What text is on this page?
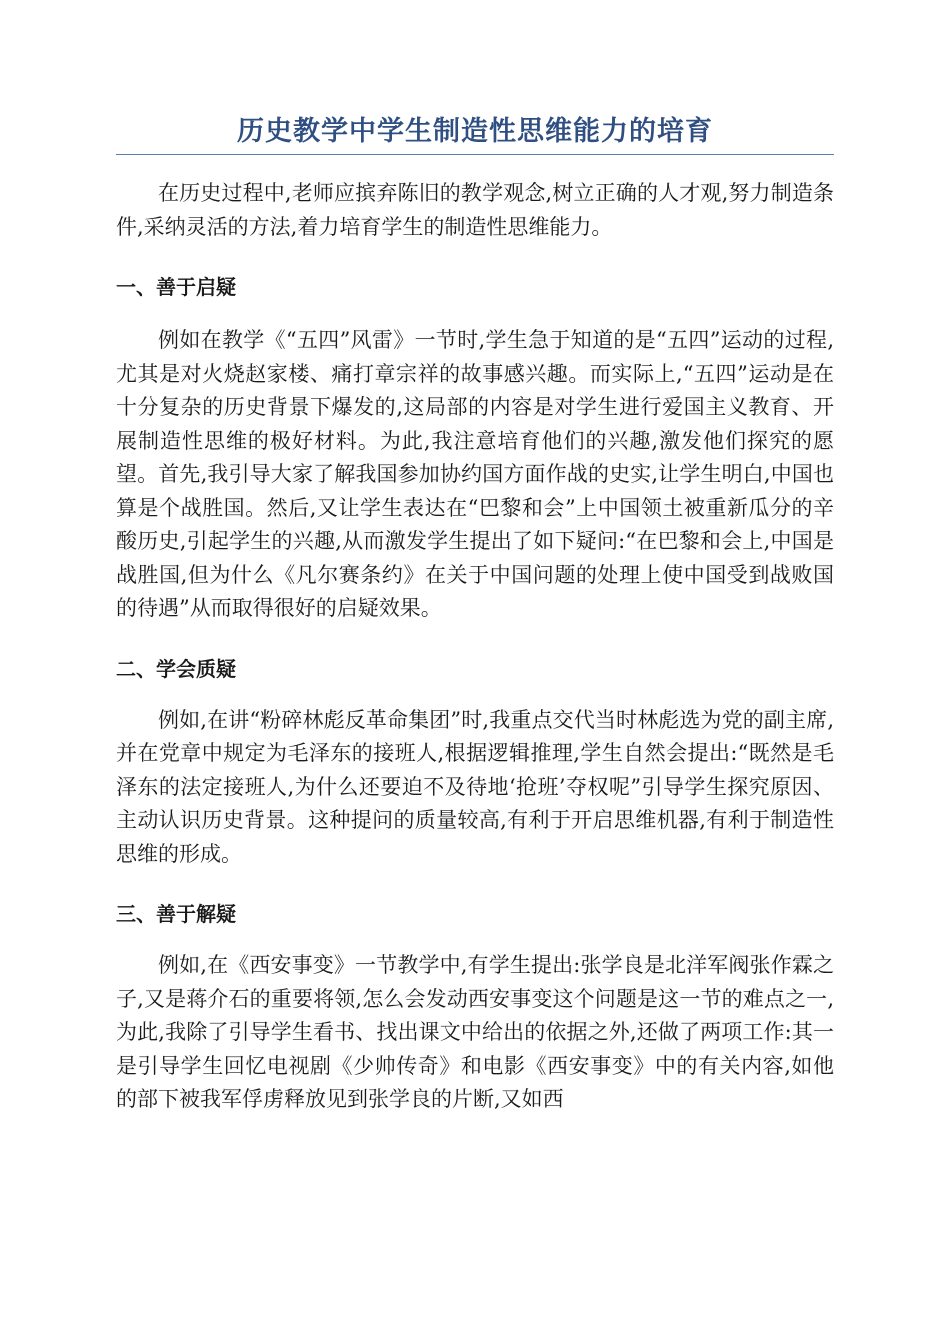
历史教学中学生制造性思维能力的培育

在历史过程中,老师应摈弃陈旧的教学观念,树立正确的人才观,努力制造条件,采纳灵活的方法,着力培育学生的制造性思维能力。

一、善于启疑

例如在教学《“五四”风雷》一节时,学生急于知道的是“五四”运动的过程,尤其是对火烧赵家楼、痛打章宗祥的故事感兴趣。而实际上,“五四”运动是在十分复杂的历史背景下爆发的,这局部的内容是对学生进行爱国主义教育、开展制造性思维的极好材料。为此,我注意培育他们的兴趣,激发他们探究的愿望。首先,我引导大家了解我国参加协约国方面作战的史实,让学生明白,中国也算是个战胜国。然后,又让学生表达在“巴黎和会”上中国领土被重新瓜分的辛酸历史,引起学生的兴趣,从而激发学生提出了如下疑问:“在巴黎和会上,中国是战胜国,但为什么《凡尔赛条约》在关于中国问题的处理上使中国受到战败国的待遇”从而取得很好的启疑效果。

二、学会质疑

例如,在讲“粉碎林彪反革命集团”时,我重点交代当时林彪选为党的副主席,并在党章中规定为毛泽东的接班人,根据逻辑推理,学生自然会提出:“既然是毛泽东的法定接班人,为什么还要迫不及待地‘抢班’夺权呢”引导学生探究原因、主动认识历史背景。这种提问的质量较高,有利于开启思维机器,有利于制造性思维的形成。

三、善于解疑

例如,在《西安事变》一节教学中,有学生提出:张学良是北洋军阀张作霖之子,又是蒋介石的重要将领,怎么会发动西安事变这个问题是这一节的难点之一,为此,我除了引导学生看书、找出课文中给出的依据之外,还做了两项工作:其一是引导学生回忆电视剧《少帅传奇》和电影《西安事变》中的有关内容,如他的部下被我军俘虏释放见到张学良的片断,又如西
